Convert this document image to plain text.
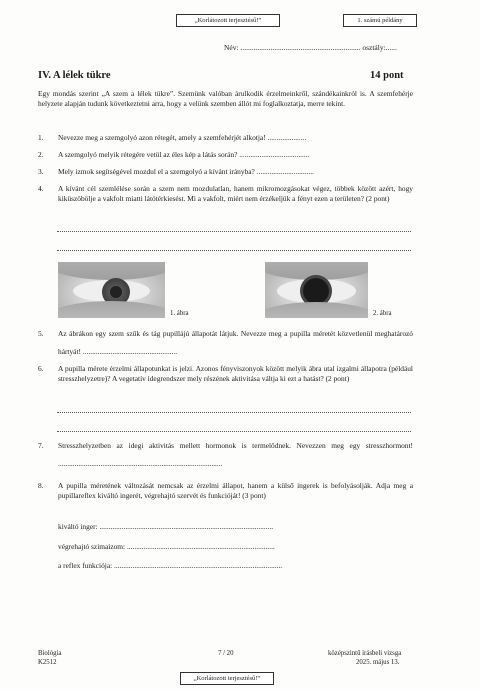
„Korlátozott terjesztésű!”	1. számú példány
Név: ................................................................ osztály:......
IV. A lélek tükre	14 pont
Egy mondás szerint „A szem a lélek tükre”. Szemünk valóban árulkodik érzelmeinkről, szándékainkról is. A szemfehérje helyzete alapján tudunk következtetni arra, hogy a velünk szemben állót mi foglalkoztatja, merre tekint.
1.	Nevezze meg a szemgolyó azon rétegét, amely a szemfehérjét alkotja! .....................
2.	A szemgolyó melyik rétegére vetül az éles kép a látás során? ......................................
3.	Mely izmok segítségével mozdul el a szemgolyó a kívánt irányba? ...............................
4.	A kívánt cél szemlélése során a szem nem mozdulatlan, hanem mikromozgásokat végez, többek között azért, hogy kiküszöbölje a vakfolt miatti látótérkiesést. Mi a vakfolt, miért nem érzékeljük a fényt ezen a területen? (2 pont)
1. ábra	2. ábra
5.	Az ábrákon egy szem szűk és tág pupillájú állapotát látjuk. Nevezze meg a pupilla méretét közvetlenül meghatározó hártyát! ...................................................
6.	A pupilla mérete érzelmi állapotunkat is jelzi. Azonos fényviszonyok között melyik ábra utal izgalmi állapotra (például stresszhelyzetre)? A vegetatív idegrendszer mely részének aktivitása váltja ki ezt a hatást? (2 pont)
7.	Stresszhelyzetben az idegi aktivitás mellett hormonok is termelődnek. Nevezzen meg egy stresszhormont! .........................................................................................
8.	A pupilla méretének változását nemcsak az érzelmi állapot, hanem a külső ingerek is befolyásolják. Adja meg a pupillareflex kiváltó ingerét, végrehajtó szervét és funkcióját! (3 pont)
kiváltó inger: ..............................................................................................
végrehajtó szimaizom: ................................................................................
a reflex funkciója: ...........................................................................................
Biológia
K2512
7 / 20	középszintű írásbeli vizsga
2025. május 13.
„Korlátozott terjesztésű!”
